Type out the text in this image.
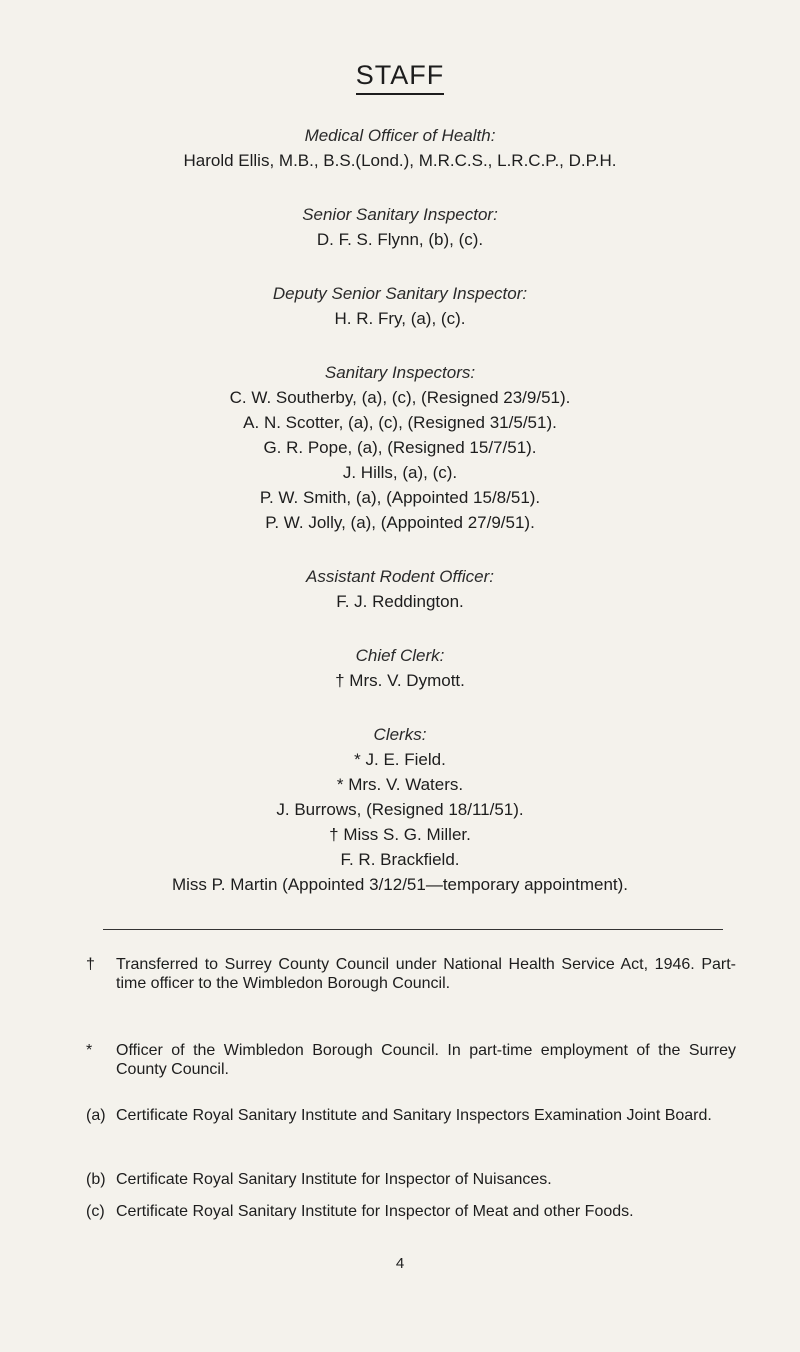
STAFF
Medical Officer of Health:
Harold Ellis, M.B., B.S.(Lond.), M.R.C.S., L.R.C.P., D.P.H.
Senior Sanitary Inspector:
D. F. S. Flynn, (b), (c).
Deputy Senior Sanitary Inspector:
H. R. Fry, (a), (c).
Sanitary Inspectors:
C. W. Southerby, (a), (c), (Resigned 23/9/51).
A. N. Scotter, (a), (c), (Resigned 31/5/51).
G. R. Pope, (a), (Resigned 15/7/51).
J. Hills, (a), (c).
P. W. Smith, (a), (Appointed 15/8/51).
P. W. Jolly, (a), (Appointed 27/9/51).
Assistant Rodent Officer:
F. J. Reddington.
Chief Clerk:
† Mrs. V. Dymott.
Clerks:
* J. E. Field.
* Mrs. V. Waters.
J. Burrows, (Resigned 18/11/51).
† Miss S. G. Miller.
F. R. Brackfield.
Miss P. Martin (Appointed 3/12/51—temporary appointment).
†	Transferred to Surrey County Council under National Health Service Act, 1946. Part-time officer to the Wimbledon Borough Council.
*	Officer of the Wimbledon Borough Council. In part-time employment of the Surrey County Council.
(a) Certificate Royal Sanitary Institute and Sanitary Inspectors Examination Joint Board.
(b) Certificate Royal Sanitary Institute for Inspector of Nuisances.
(c) Certificate Royal Sanitary Institute for Inspector of Meat and other Foods.
4
